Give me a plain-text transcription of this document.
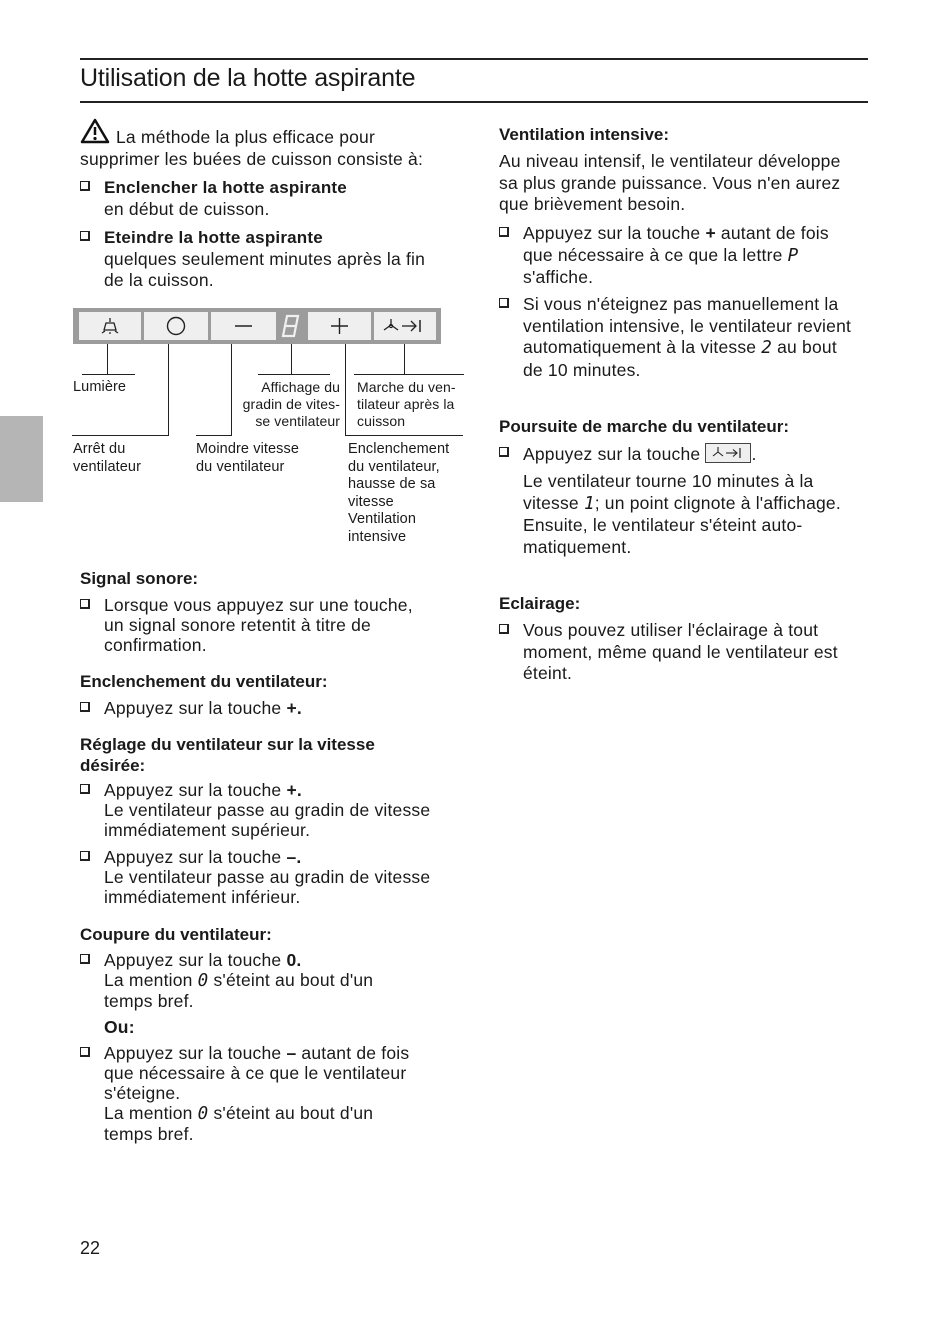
Utilisation de la hotte aspirante
La méthode la plus efficace pour
supprimer les buées de cuisson consiste à:
Enclencher la hotte aspirante
en début de cuisson.
Eteindre la hotte aspirante
quelques seulement minutes après la fin
de la cuisson.
Lumière	Affichage du
gradin de vites-
se ventilateur
Marche du ven-
tilateur après la
cuisson
Arrêt du
ventilateur
Moindre vitesse
du ventilateur
Enclenchement
du ventilateur,
hausse de sa
vitesse
Ventilation
intensive
Signal sonore:
Lorsque vous appuyez sur une touche,
un signal sonore retentit à titre de
confirmation.
Enclenchement du ventilateur:
Appuyez sur la touche +.
Réglage du ventilateur sur la vitesse
désirée:
Appuyez sur la touche +.
Le ventilateur passe au gradin de vitesse
immédiatement supérieur.
Appuyez sur la touche –.
Le ventilateur passe au gradin de vitesse
immédiatement inférieur.
Coupure du ventilateur:
Appuyez sur la touche 0.
La mention 0 s'éteint au bout d'un
temps bref.
Ou:
Appuyez sur la touche – autant de fois
que nécessaire à ce que le ventilateur
s'éteigne.
La mention 0 s'éteint au bout d'un
temps bref.
Ventilation intensive:
Au niveau intensif, le ventilateur développe
sa plus grande puissance. Vous n'en aurez
que brièvement besoin.
Appuyez sur la touche + autant de fois
que nécessaire à ce que la lettre P
s'affiche.
Si vous n'éteignez pas manuellement la
ventilation intensive, le ventilateur revient
automatiquement à la vitesse 2 au bout
de 10 minutes.
Poursuite de marche du ventilateur:
Appuyez sur la touche	.
Le ventilateur tourne 10 minutes à la
vitesse 1; un point clignote à l'affichage.
Ensuite, le ventilateur s'éteint auto-
matiquement.
Eclairage:
Vous pouvez utiliser l'éclairage à tout
moment, même quand le ventilateur est
éteint.
22
